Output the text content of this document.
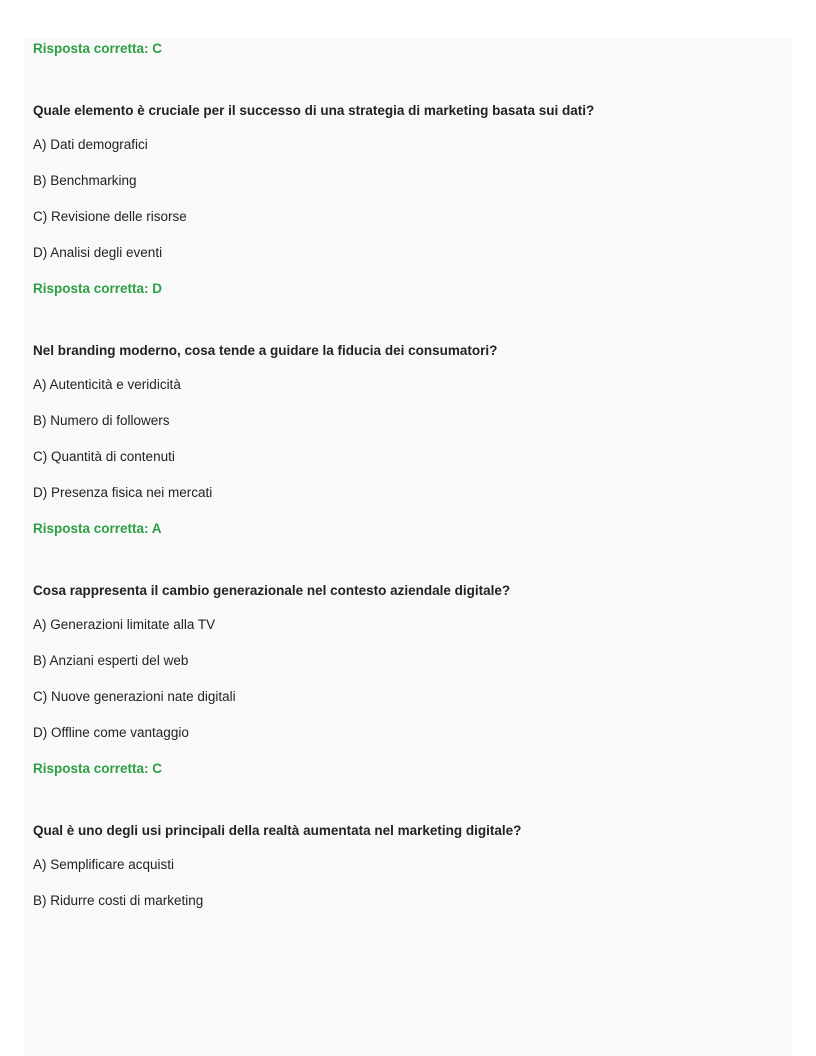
Risposta corretta: C
Quale elemento è cruciale per il successo di una strategia di marketing basata sui dati?
A) Dati demografici
B) Benchmarking
C) Revisione delle risorse
D) Analisi degli eventi
Risposta corretta: D
Nel branding moderno, cosa tende a guidare la fiducia dei consumatori?
A) Autenticità e veridicità
B) Numero di followers
C) Quantità di contenuti
D) Presenza fisica nei mercati
Risposta corretta: A
Cosa rappresenta il cambio generazionale nel contesto aziendale digitale?
A) Generazioni limitate alla TV
B) Anziani esperti del web
C) Nuove generazioni nate digitali
D) Offline come vantaggio
Risposta corretta: C
Qual è uno degli usi principali della realtà aumentata nel marketing digitale?
A) Semplificare acquisti
B) Ridurre costi di marketing
